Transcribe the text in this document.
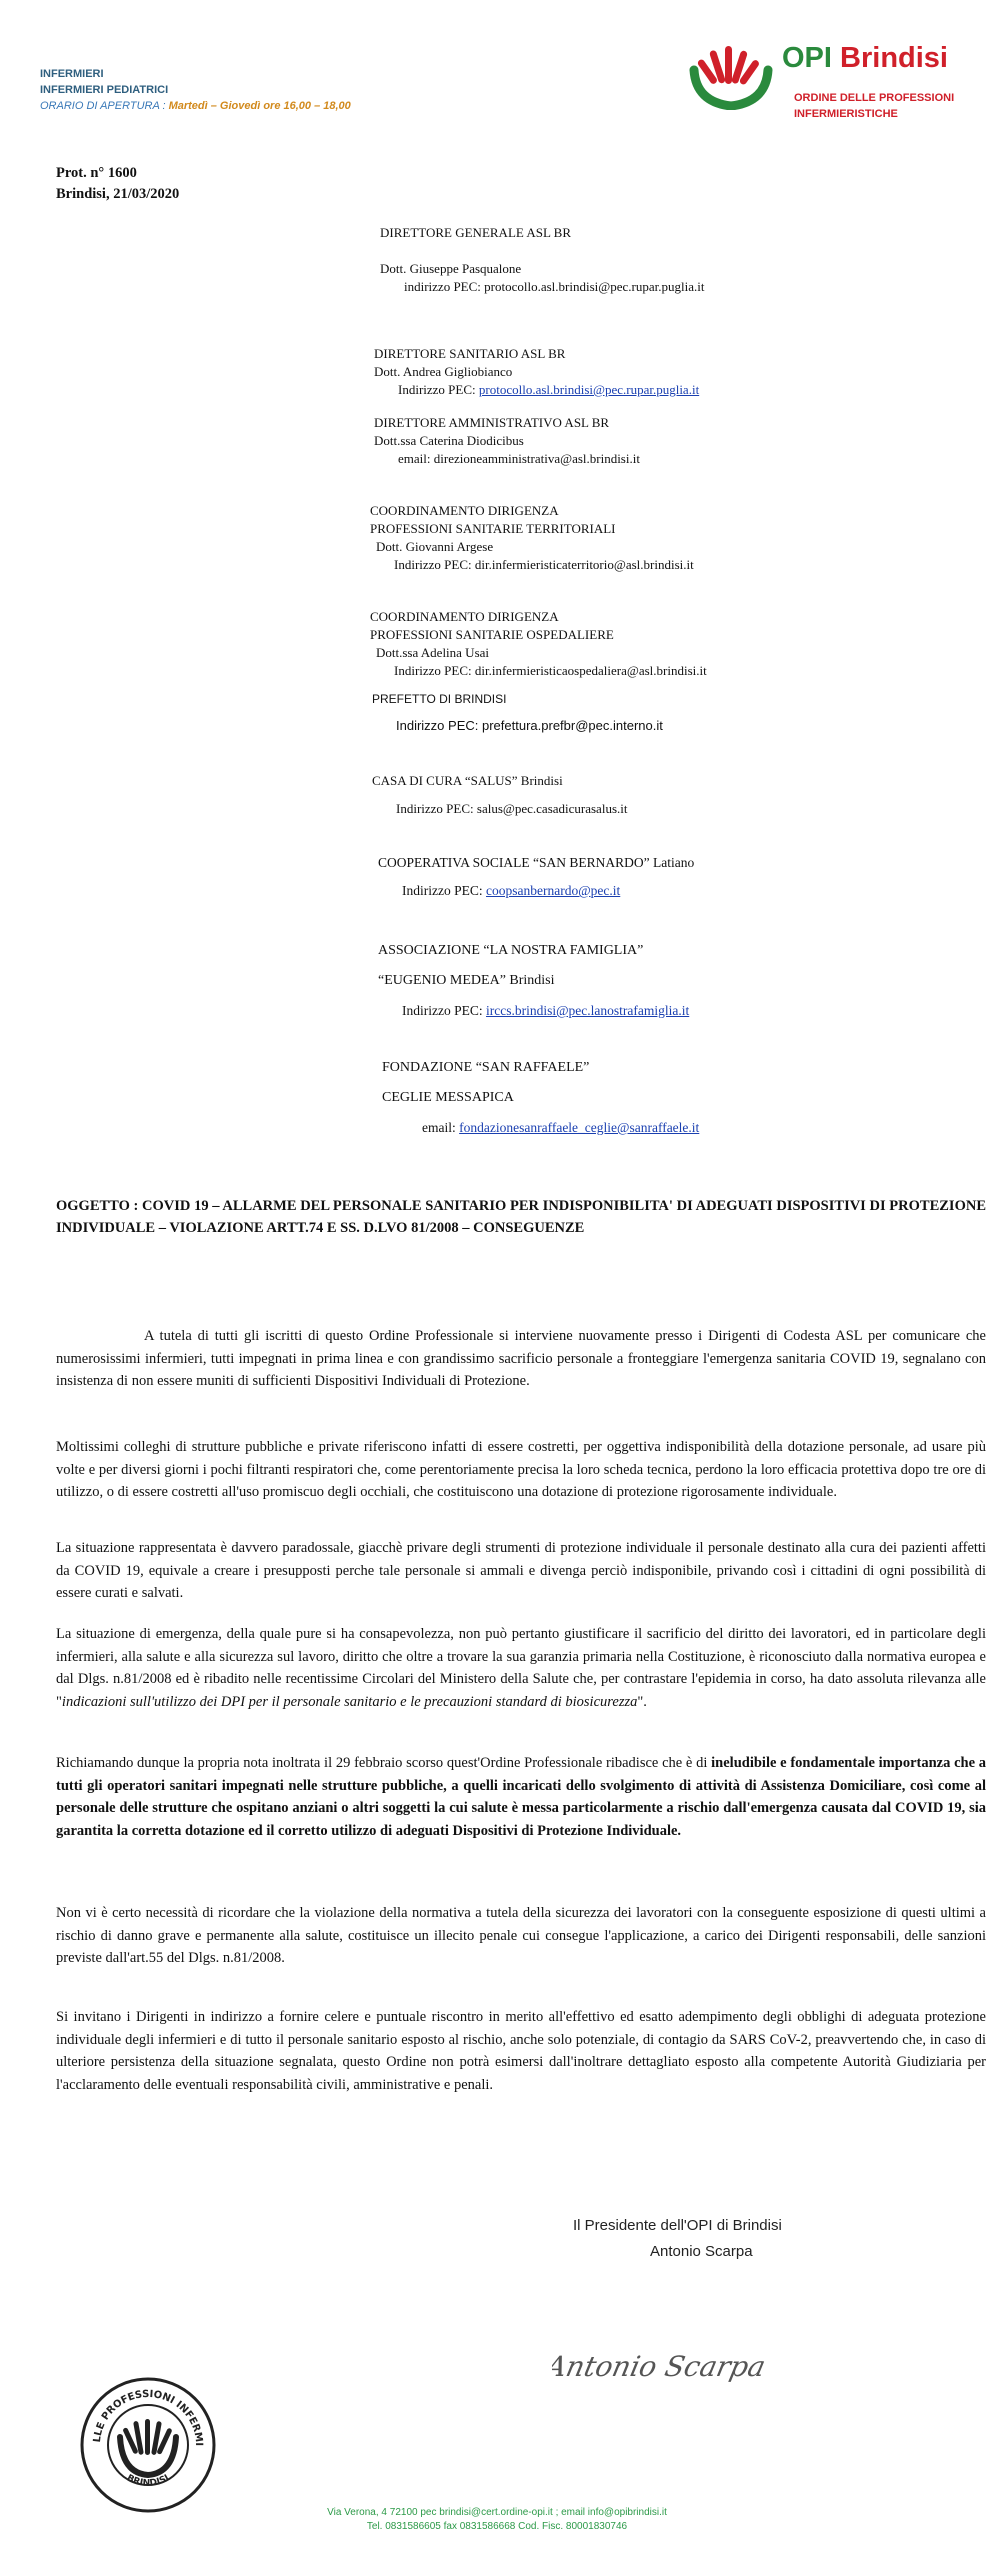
INFERMIERI
INFERMIERI PEDIATRICI
ORARIO DI APERTURA : Martedì – Giovedì ore 16,00 – 18,00
OPI Brindisi
ORDINE DELLE PROFESSIONI
INFERMIERISTICHE
Prot. n° 1600
Brindisi, 21/03/2020
DIRETTORE GENERALE ASL BR
Dott. Giuseppe Pasqualone
indirizzo PEC: protocollo.asl.brindisi@pec.rupar.puglia.it
DIRETTORE SANITARIO ASL BR
Dott. Andrea Gigliobianco
Indirizzo PEC: protocollo.asl.brindisi@pec.rupar.puglia.it
DIRETTORE AMMINISTRATIVO ASL BR
Dott.ssa Caterina Diodicibus
email: direzioneamministrativa@asl.brindisi.it
COORDINAMENTO DIRIGENZA
PROFESSIONI SANITARIE TERRITORIALI
Dott. Giovanni Argese
Indirizzo PEC: dir.infermieristicaterritorio@asl.brindisi.it
COORDINAMENTO DIRIGENZA
PROFESSIONI SANITARIE OSPEDALIERE
Dott.ssa Adelina Usai
Indirizzo PEC: dir.infermieristicaospedaliera@asl.brindisi.it
PREFETTO DI BRINDISI
Indirizzo PEC: prefettura.prefbr@pec.interno.it
CASA DI CURA “SALUS” Brindisi
Indirizzo PEC: salus@pec.casadicurasalus.it
COOPERATIVA SOCIALE “SAN BERNARDO” Latiano
Indirizzo PEC: coopsanbernardo@pec.it
ASSOCIAZIONE “LA NOSTRA FAMIGLIA”
“EUGENIO MEDEA” Brindisi
Indirizzo PEC: irccs.brindisi@pec.lanostrafamiglia.it
FONDAZIONE “SAN RAFFAELE”
CEGLIE MESSAPICA
email: fondazionesanraffaele_ceglie@sanraffaele.it
OGGETTO : COVID 19 – ALLARME DEL PERSONALE SANITARIO PER INDISPONIBILITA' DI ADEGUATI DISPOSITIVI DI PROTEZIONE INDIVIDUALE – VIOLAZIONE ARTT.74 E SS. D.LVO 81/2008 – CONSEGUENZE

A tutela di tutti gli iscritti di questo Ordine Professionale si interviene nuovamente presso i Dirigenti di Codesta ASL per comunicare che numerosissimi infermieri, tutti impegnati in prima linea e con grandissimo sacrificio personale a fronteggiare l'emergenza sanitaria COVID 19, segnalano con insistenza di non essere muniti di sufficienti Dispositivi Individuali di Protezione.

Moltissimi colleghi di strutture pubbliche e private riferiscono infatti di essere costretti, per oggettiva indisponibilità della dotazione personale, ad usare più volte e per diversi giorni i pochi filtranti respiratori che, come perentoriamente precisa la loro scheda tecnica, perdono la loro efficacia protettiva dopo tre ore di utilizzo, o di essere costretti all'uso promiscuo degli occhiali, che costituiscono una dotazione di protezione rigorosamente individuale.

La situazione rappresentata è davvero paradossale, giacchè privare degli strumenti di protezione individuale il personale destinato alla cura dei pazienti affetti da COVID 19, equivale a creare i presupposti perche tale personale si ammali e divenga perciò indisponibile, privando così i cittadini di ogni possibilità di essere curati e salvati.

La situazione di emergenza, della quale pure si ha consapevolezza, non può pertanto giustificare il sacrificio del diritto dei lavoratori, ed in particolare degli infermieri, alla salute e alla sicurezza sul lavoro, diritto che oltre a trovare la sua garanzia primaria nella Costituzione, è riconosciuto dalla normativa europea e dal Dlgs. n.81/2008 ed è ribadito nelle recentissime Circolari del Ministero della Salute che, per contrastare l'epidemia in corso, ha dato assoluta rilevanza alle "indicazioni sull'utilizzo dei DPI per il personale sanitario e le precauzioni standard di biosicurezza".

Richiamando dunque la propria nota inoltrata il 29 febbraio scorso quest'Ordine Professionale ribadisce che è di ineludibile e fondamentale importanza che a tutti gli operatori sanitari impegnati nelle strutture pubbliche, a quelli incaricati dello svolgimento di attività di Assistenza Domiciliare, così come al personale delle strutture che ospitano anziani o altri soggetti la cui salute è messa particolarmente a rischio dall'emergenza causata dal COVID 19, sia garantita la corretta dotazione ed il corretto utilizzo di adeguati Dispositivi di Protezione Individuale.

Non vi è certo necessità di ricordare che la violazione della normativa a tutela della sicurezza dei lavoratori con la conseguente esposizione di questi ultimi a rischio di danno grave e permanente alla salute, costituisce un illecito penale cui consegue l'applicazione, a carico dei Dirigenti responsabili, delle sanzioni previste dall'art.55 del Dlgs. n.81/2008.

Si invitano i Dirigenti in indirizzo a fornire celere e puntuale riscontro in merito all'effettivo ed esatto adempimento degli obblighi di adeguata protezione individuale degli infermieri e di tutto il personale sanitario esposto al rischio, anche solo potenziale, di contagio da SARS CoV-2, preavvertendo che, in caso di ulteriore persistenza della situazione segnalata, questo Ordine non potrà esimersi dall'inoltrare dettagliato esposto alla competente Autorità Giudiziaria per l'acclaramento delle eventuali responsabilità civili, amministrative e penali.

Il Presidente dell'OPI di Brindisi
Antonio Scarpa
Antonio Scarpa
LLE PROFESSIONI INFERMI
BRINDISI
Via Verona, 4 72100 pec brindisi@cert.ordine-opi.it ; email info@opibrindisi.it
Tel. 0831586605 fax 0831586668 Cod. Fisc. 80001830746
